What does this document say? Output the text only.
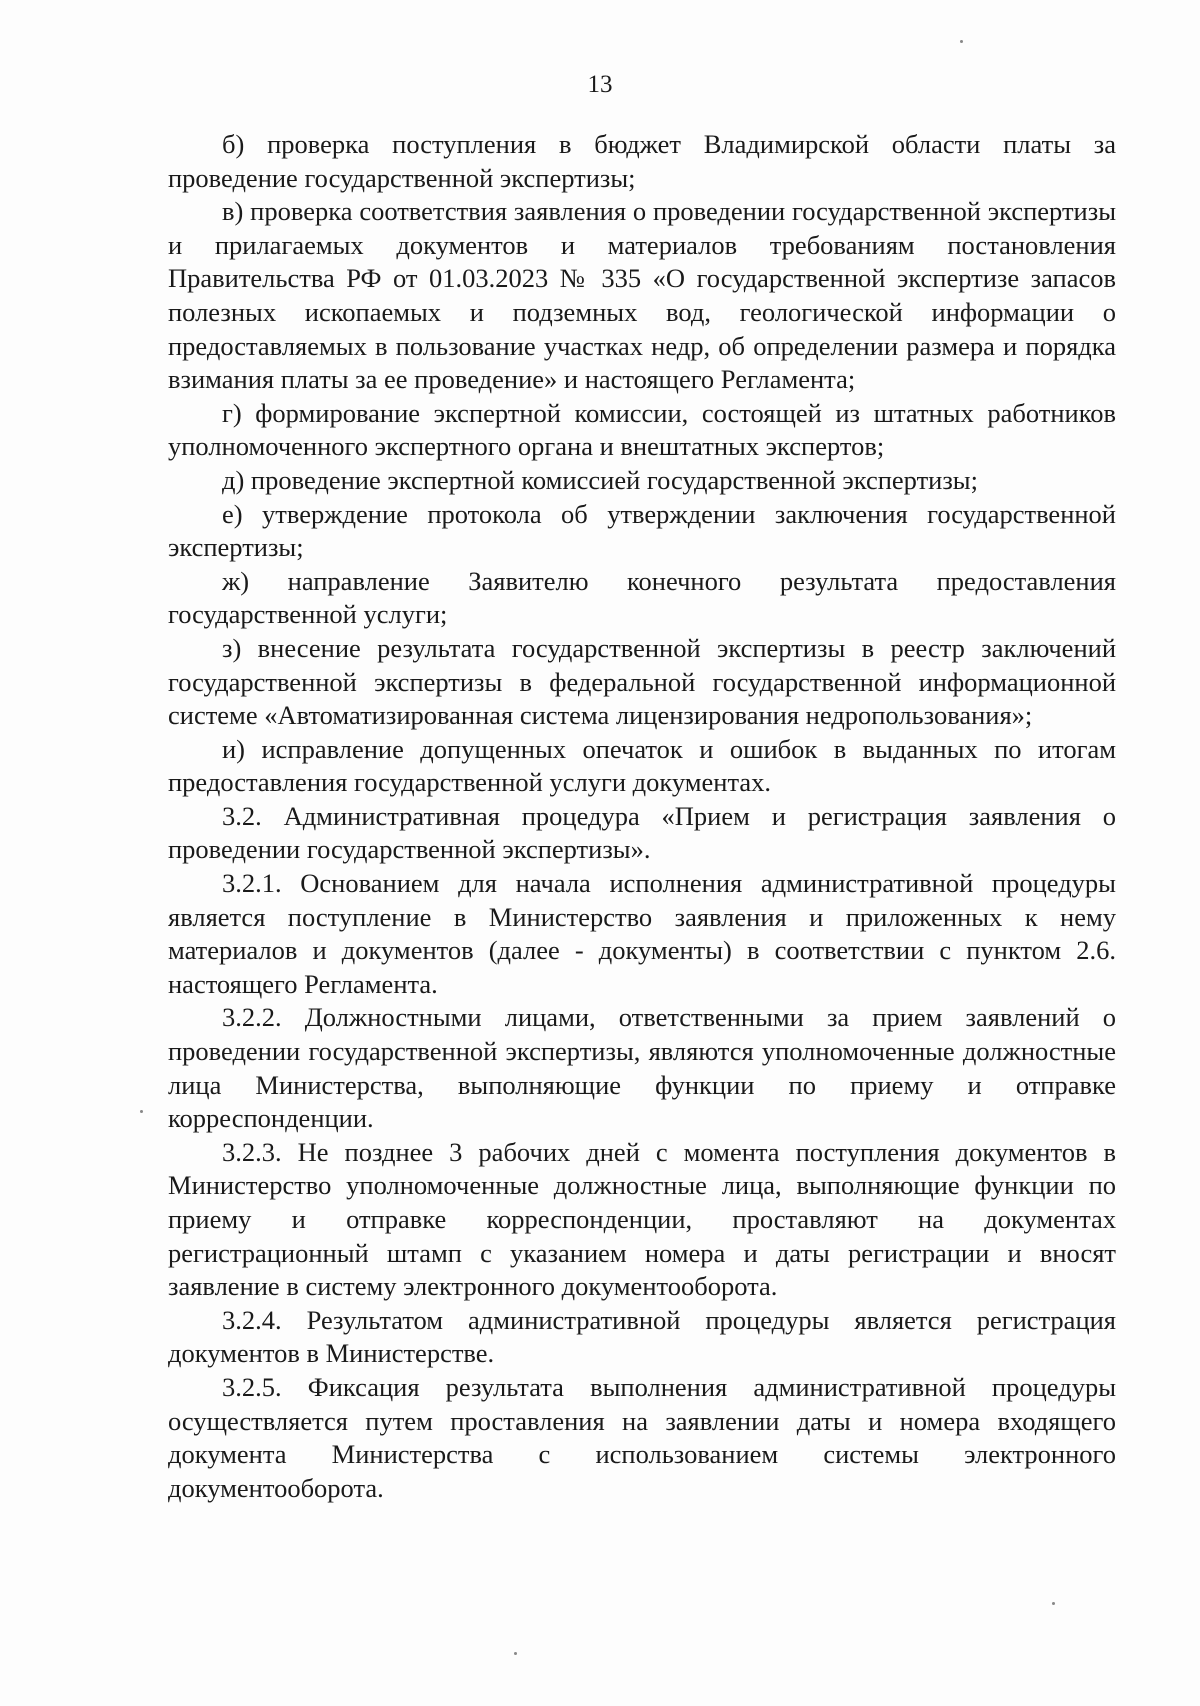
13

б) проверка поступления в бюджет Владимирской области платы за проведение государственной экспертизы;

в) проверка соответствия заявления о проведении государственной экспертизы и прилагаемых документов и материалов требованиям постановления Правительства РФ от 01.03.2023 № 335 «О государственной экспертизе запасов полезных ископаемых и подземных вод, геологической информации о предоставляемых в пользование участках недр, об определении размера и порядка взимания платы за ее проведение» и настоящего Регламента;

г) формирование экспертной комиссии, состоящей из штатных работников уполномоченного экспертного органа и внештатных экспертов;

д) проведение экспертной комиссией государственной экспертизы;

е) утверждение протокола об утверждении заключения государственной экспертизы;

ж) направление Заявителю конечного результата предоставления государственной услуги;

з) внесение результата государственной экспертизы в реестр заключений государственной экспертизы в федеральной государственной информационной системе «Автоматизированная система лицензирования недропользования»;

и) исправление допущенных опечаток и ошибок в выданных по итогам предоставления государственной услуги документах.

3.2. Административная процедура «Прием и регистрация заявления о проведении государственной экспертизы».

3.2.1. Основанием для начала исполнения административной процедуры является поступление в Министерство заявления и приложенных к нему материалов и документов (далее - документы) в соответствии с пунктом 2.6. настоящего Регламента.

3.2.2. Должностными лицами, ответственными за прием заявлений о проведении государственной экспертизы, являются уполномоченные должностные лица Министерства, выполняющие функции по приему и отправке корреспонденции.

3.2.3. Не позднее 3 рабочих дней с момента поступления документов в Министерство уполномоченные должностные лица, выполняющие функции по приему и отправке корреспонденции, проставляют на документах регистрационный штамп с указанием номера и даты регистрации и вносят заявление в систему электронного документооборота.

3.2.4. Результатом административной процедуры является регистрация документов в Министерстве.

3.2.5. Фиксация результата выполнения административной процедуры осуществляется путем проставления на заявлении даты и номера входящего документа Министерства с использованием системы электронного документооборота.
